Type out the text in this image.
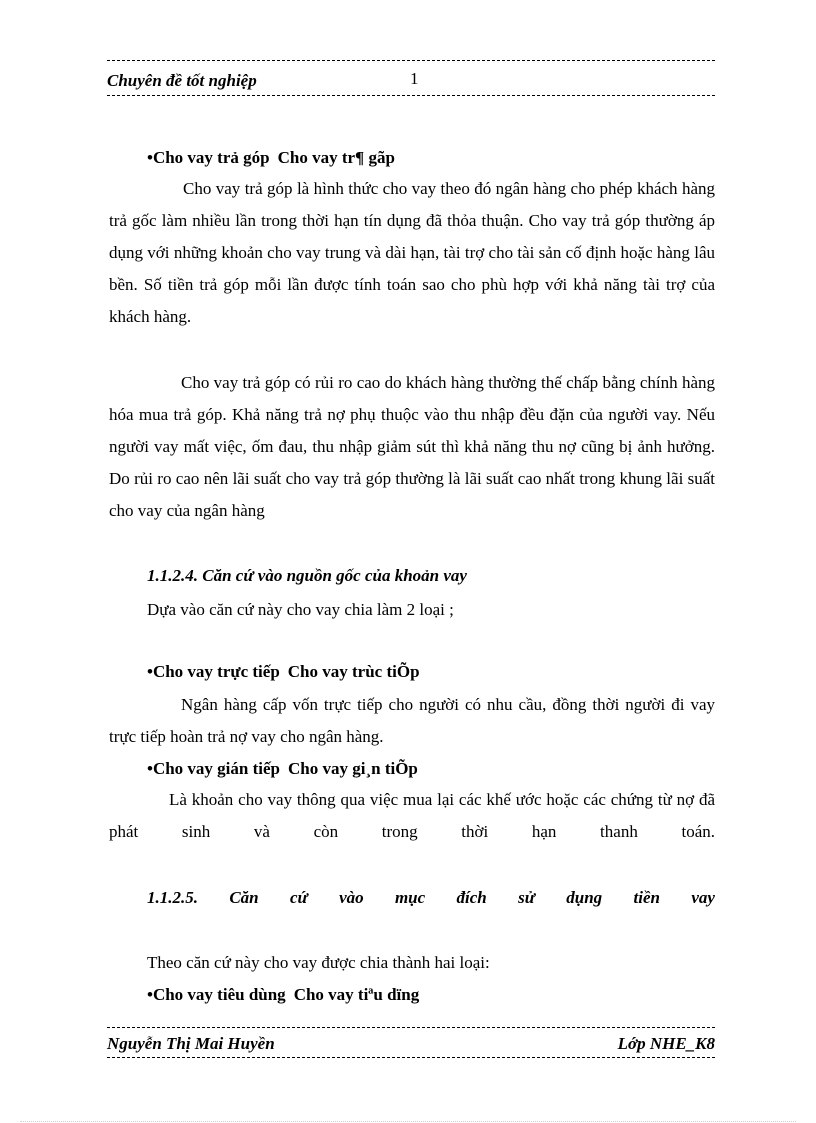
Chuyên đề tốt nghiệp	1
•Cho vay trả góp Cho vay tr¶ gãp
Cho vay trả góp là hình thức cho vay theo đó ngân hàng cho phép khách hàng trả gốc làm nhiều lần trong thời hạn tín dụng đã thỏa thuận. Cho vay trả góp thường áp dụng với những khoản cho vay trung và dài hạn, tài trợ cho tài sản cố định hoặc hàng lâu bền. Số tiền trả góp mỗi lần được tính toán sao cho phù hợp với khả năng tài trợ của khách hàng.
Cho vay trả góp có rủi ro cao do khách hàng thường thế chấp bằng chính hàng hóa mua trả góp. Khả năng trả nợ phụ thuộc vào thu nhập đều đặn của người vay. Nếu người vay mất việc, ốm đau, thu nhập giảm sút thì khả năng thu nợ cũng bị ảnh hưởng. Do rủi ro cao nên lãi suất cho vay trả góp thường là lãi suất cao nhất trong khung lãi suất cho vay của ngân hàng
1.1.2.4. Căn cứ vào nguồn gốc của khoản vay
Dựa vào căn cứ này cho vay chia làm 2 loại ;
•Cho vay trực tiếp Cho vay trùc tiÕp
Ngân hàng cấp vốn trực tiếp cho người có nhu cầu, đồng thời người đi vay trực tiếp hoàn trả nợ vay cho ngân hàng.
•Cho vay gián tiếp Cho vay gi¸n tiÕp
Là khoản cho vay thông qua việc mua lại các khế ước hoặc các chứng từ nợ đã phát sinh và còn trong thời hạn thanh toán.
1.1.2.5. Căn cứ vào mục đích sử dụng tiền vay
Theo căn cứ này cho vay được chia thành hai loại:
•Cho vay tiêu dùng Cho vay tiªu dïng
Nguyễn Thị Mai Huyền	Lớp NHE_K8
